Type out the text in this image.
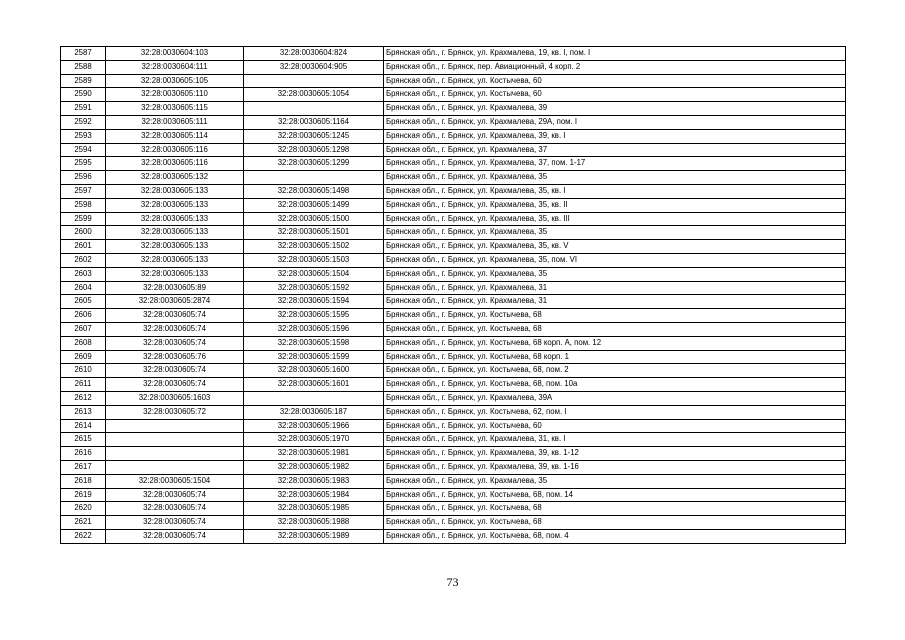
2587	32:28:0030604:103	32:28:0030604:824	Брянская обл., г. Брянск, ул. Крахмалева, 19, кв. I, пом. I
2588	32:28:0030604:111	32:28:0030604:905	Брянская обл., г. Брянск, пер. Авиационный, 4 корп. 2
2589	32:28:0030605:105		Брянская обл., г. Брянск, ул. Костычева, 60
2590	32:28:0030605:110	32:28:0030605:1054	Брянская обл., г. Брянск, ул. Костычева, 60
2591	32:28:0030605:115		Брянская обл., г. Брянск, ул. Крахмалева, 39
2592	32:28:0030605:111	32:28:0030605:1164	Брянская обл., г. Брянск, ул. Крахмалева, 29А, пом. I
2593	32:28:0030605:114	32:28:0030605:1245	Брянская обл., г. Брянск, ул. Крахмалева, 39, кв. I
2594	32:28:0030605:116	32:28:0030605:1298	Брянская обл., г. Брянск, ул. Крахмалева, 37
2595	32:28:0030605:116	32:28:0030605:1299	Брянская обл., г. Брянск, ул. Крахмалева, 37, пом. 1-17
2596	32:28:0030605:132		Брянская обл., г. Брянск, ул. Крахмалева, 35
2597	32:28:0030605:133	32:28:0030605:1498	Брянская обл., г. Брянск, ул. Крахмалева, 35, кв. I
2598	32:28:0030605:133	32:28:0030605:1499	Брянская обл., г. Брянск, ул. Крахмалева, 35, кв. II
2599	32:28:0030605:133	32:28:0030605:1500	Брянская обл., г. Брянск, ул. Крахмалева, 35, кв. III
2600	32:28:0030605:133	32:28:0030605:1501	Брянская обл., г. Брянск, ул. Крахмалева, 35
2601	32:28:0030605:133	32:28:0030605:1502	Брянская обл., г. Брянск, ул. Крахмалева, 35, кв. V
2602	32:28:0030605:133	32:28:0030605:1503	Брянская обл., г. Брянск, ул. Крахмалева, 35, пом. VI
2603	32:28:0030605:133	32:28:0030605:1504	Брянская обл., г. Брянск, ул. Крахмалева, 35
2604	32:28:0030605:89	32:28:0030605:1592	Брянская обл., г. Брянск, ул. Крахмалева, 31
2605	32:28:0030605:2874	32:28:0030605:1594	Брянская обл., г. Брянск, ул. Крахмалева, 31
2606	32:28:0030605:74	32:28:0030605:1595	Брянская обл., г. Брянск, ул. Костычева, 68
2607	32:28:0030605:74	32:28:0030605:1596	Брянская обл., г. Брянск, ул. Костычева, 68
2608	32:28:0030605:74	32:28:0030605:1598	Брянская обл., г. Брянск, ул. Костычева, 68 корп. А, пом. 12
2609	32:28:0030605:76	32:28:0030605:1599	Брянская обл., г. Брянск, ул. Костычева, 68 корп. 1
2610	32:28:0030605:74	32:28:0030605:1600	Брянская обл., г. Брянск, ул. Костычева, 68, пом. 2
2611	32:28:0030605:74	32:28:0030605:1601	Брянская обл., г. Брянск, ул. Костычева, 68, пом. 10а
2612	32:28:0030605:1603		Брянская обл., г. Брянск, ул. Крахмалева, 39А
2613	32:28:0030605:72	32:28:0030605:187	Брянская обл., г. Брянск, ул. Костычева, 62, пом. I
2614		32:28:0030605:1966	Брянская обл., г. Брянск, ул. Костычева, 60
2615		32:28:0030605:1970	Брянская обл., г. Брянск, ул. Крахмалева, 31, кв. I
2616		32:28:0030605:1981	Брянская обл., г. Брянск, ул. Крахмалева, 39, кв. 1-12
2617		32:28:0030605:1982	Брянская обл., г. Брянск, ул. Крахмалева, 39, кв. 1-16
2618	32:28:0030605:1504	32:28:0030605:1983	Брянская обл., г. Брянск, ул. Крахмалева, 35
2619	32:28:0030605:74	32:28:0030605:1984	Брянская обл., г. Брянск, ул. Костычева, 68, пом. 14
2620	32:28:0030605:74	32:28:0030605:1985	Брянская обл., г. Брянск, ул. Костычева, 68
2621	32:28:0030605:74	32:28:0030605:1988	Брянская обл., г. Брянск, ул. Костычева, 68
2622	32:28:0030605:74	32:28:0030605:1989	Брянская обл., г. Брянск, ул. Костычева, 68, пом. 4
73
